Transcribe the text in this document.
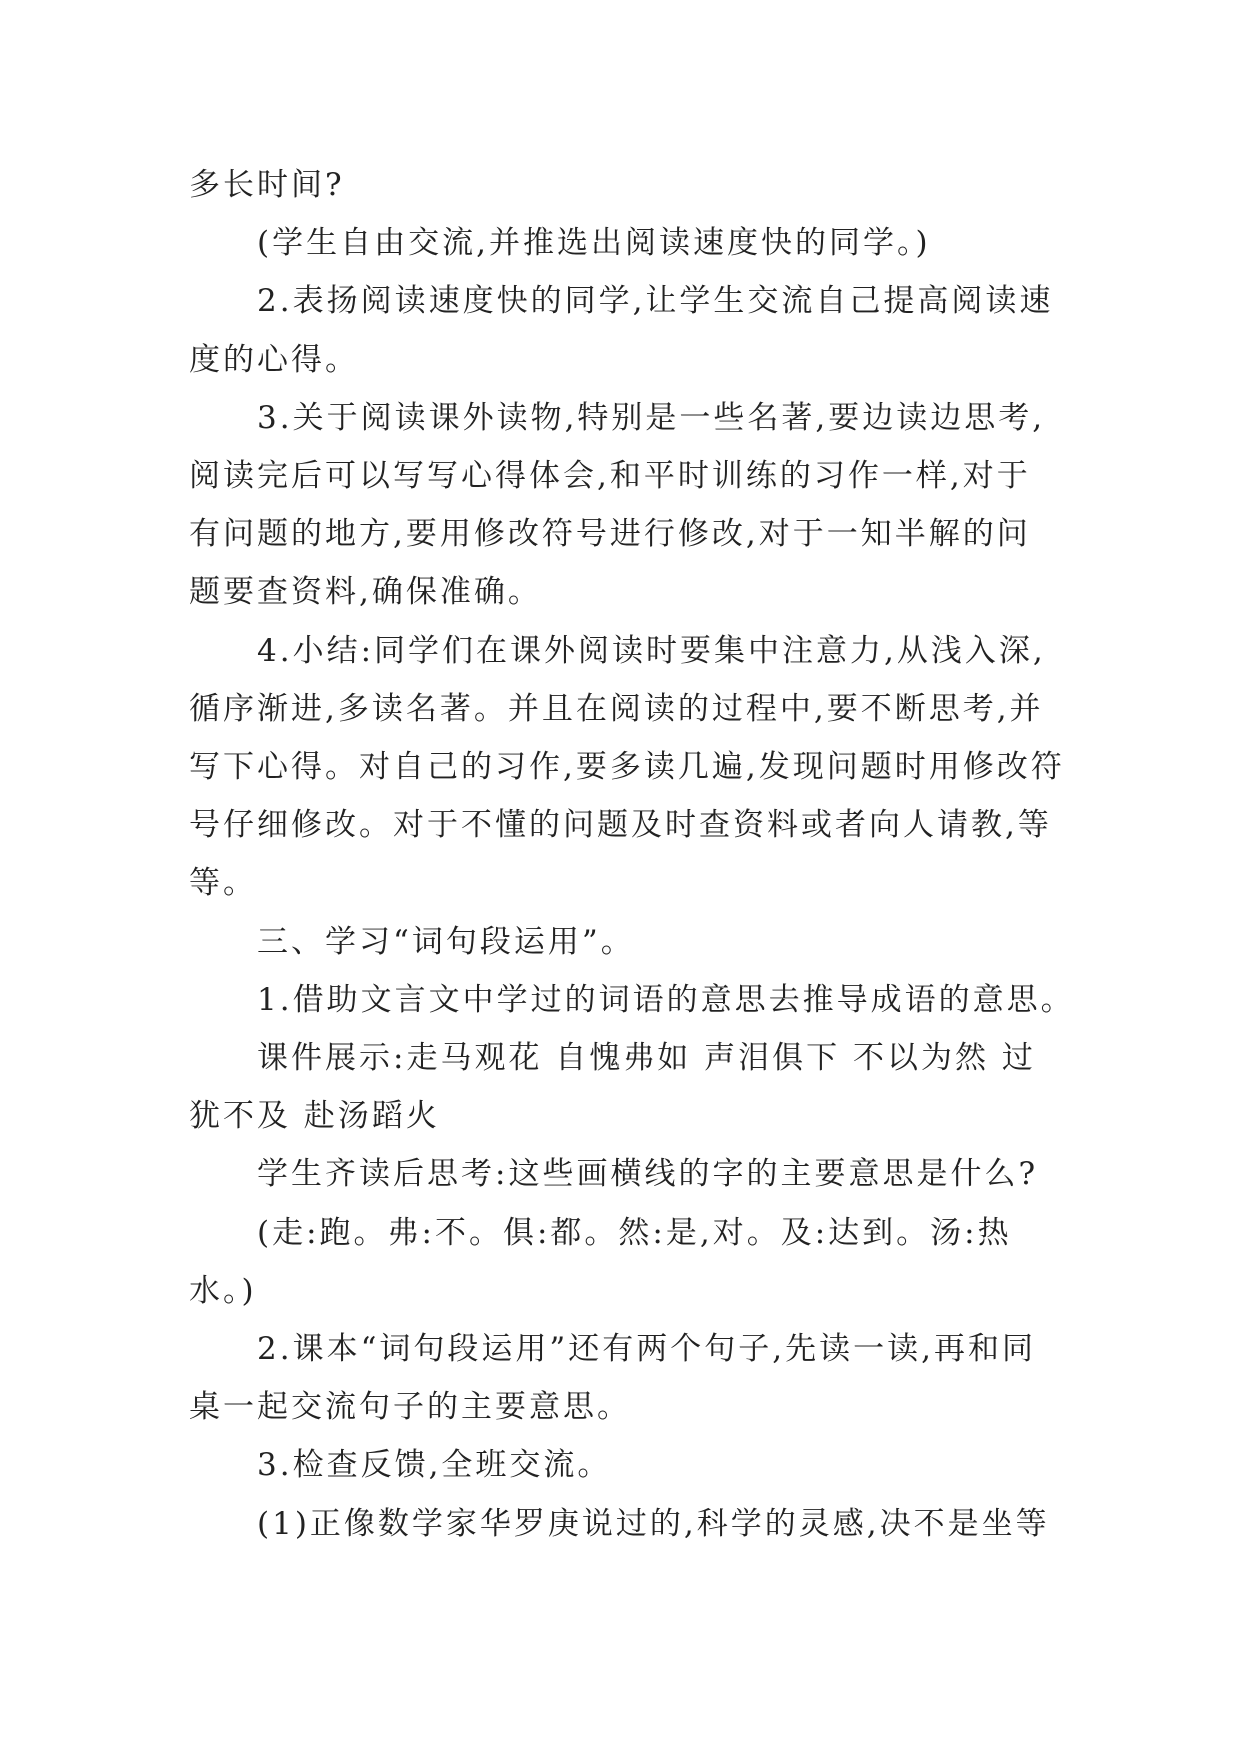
多长时间?

(学生自由交流,并推选出阅读速度快的同学。)

2.表扬阅读速度快的同学,让学生交流自己提高阅读速

度的心得。

3.关于阅读课外读物,特别是一些名著,要边读边思考,

阅读完后可以写写心得体会,和平时训练的习作一样,对于

有问题的地方,要用修改符号进行修改,对于一知半解的问

题要查资料,确保准确。

4.小结:同学们在课外阅读时要集中注意力,从浅入深,

循序渐进,多读名著。并且在阅读的过程中,要不断思考,并

写下心得。对自己的习作,要多读几遍,发现问题时用修改符

号仔细修改。对于不懂的问题及时查资料或者向人请教,等

等。

三、学习“词句段运用”。

1.借助文言文中学过的词语的意思去推导成语的意思。

课件展示:走马观花 自愧弗如 声泪俱下 不以为然 过

犹不及 赴汤蹈火

学生齐读后思考:这些画横线的字的主要意思是什么?

(走:跑。弗:不。俱:都。然:是,对。及:达到。汤:热

水。)

2.课本“词句段运用”还有两个句子,先读一读,再和同

桌一起交流句子的主要意思。

3.检查反馈,全班交流。

(1)正像数学家华罗庚说过的,科学的灵感,决不是坐等
